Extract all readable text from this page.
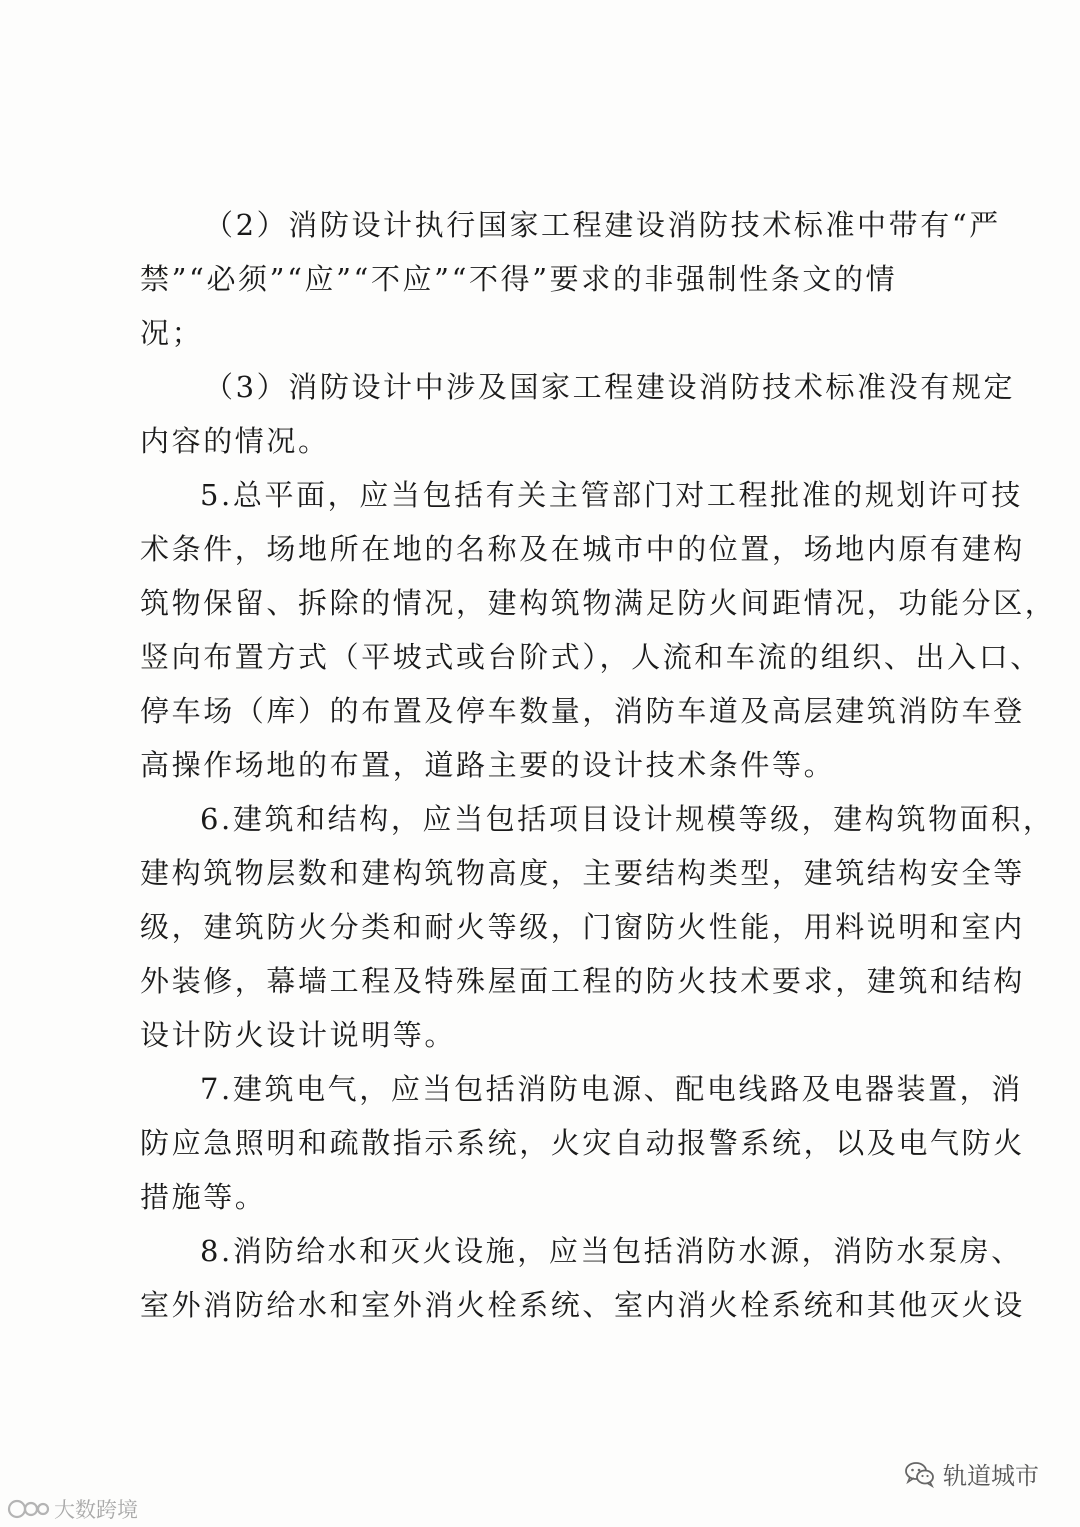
（2）消防设计执行国家工程建设消防技术标准中带有“严
禁”“必须”“应”“不应”“不得”要求的非强制性条文的情
况；
（3）消防设计中涉及国家工程建设消防技术标准没有规定
内容的情况。
5.总平面，应当包括有关主管部门对工程批准的规划许可技
术条件，场地所在地的名称及在城市中的位置，场地内原有建构
筑物保留、拆除的情况，建构筑物满足防火间距情况，功能分区，
竖向布置方式（平坡式或台阶式），人流和车流的组织、出入口、
停车场（库）的布置及停车数量，消防车道及高层建筑消防车登
高操作场地的布置，道路主要的设计技术条件等。
6.建筑和结构，应当包括项目设计规模等级，建构筑物面积，
建构筑物层数和建构筑物高度，主要结构类型，建筑结构安全等
级，建筑防火分类和耐火等级，门窗防火性能，用料说明和室内
外装修，幕墙工程及特殊屋面工程的防火技术要求，建筑和结构
设计防火设计说明等。
7.建筑电气，应当包括消防电源、配电线路及电器装置，消
防应急照明和疏散指示系统，火灾自动报警系统，以及电气防火
措施等。
8.消防给水和灭火设施，应当包括消防水源，消防水泵房、
室外消防给水和室外消火栓系统、室内消火栓系统和其他灭火设
大数跨境
轨道城市
